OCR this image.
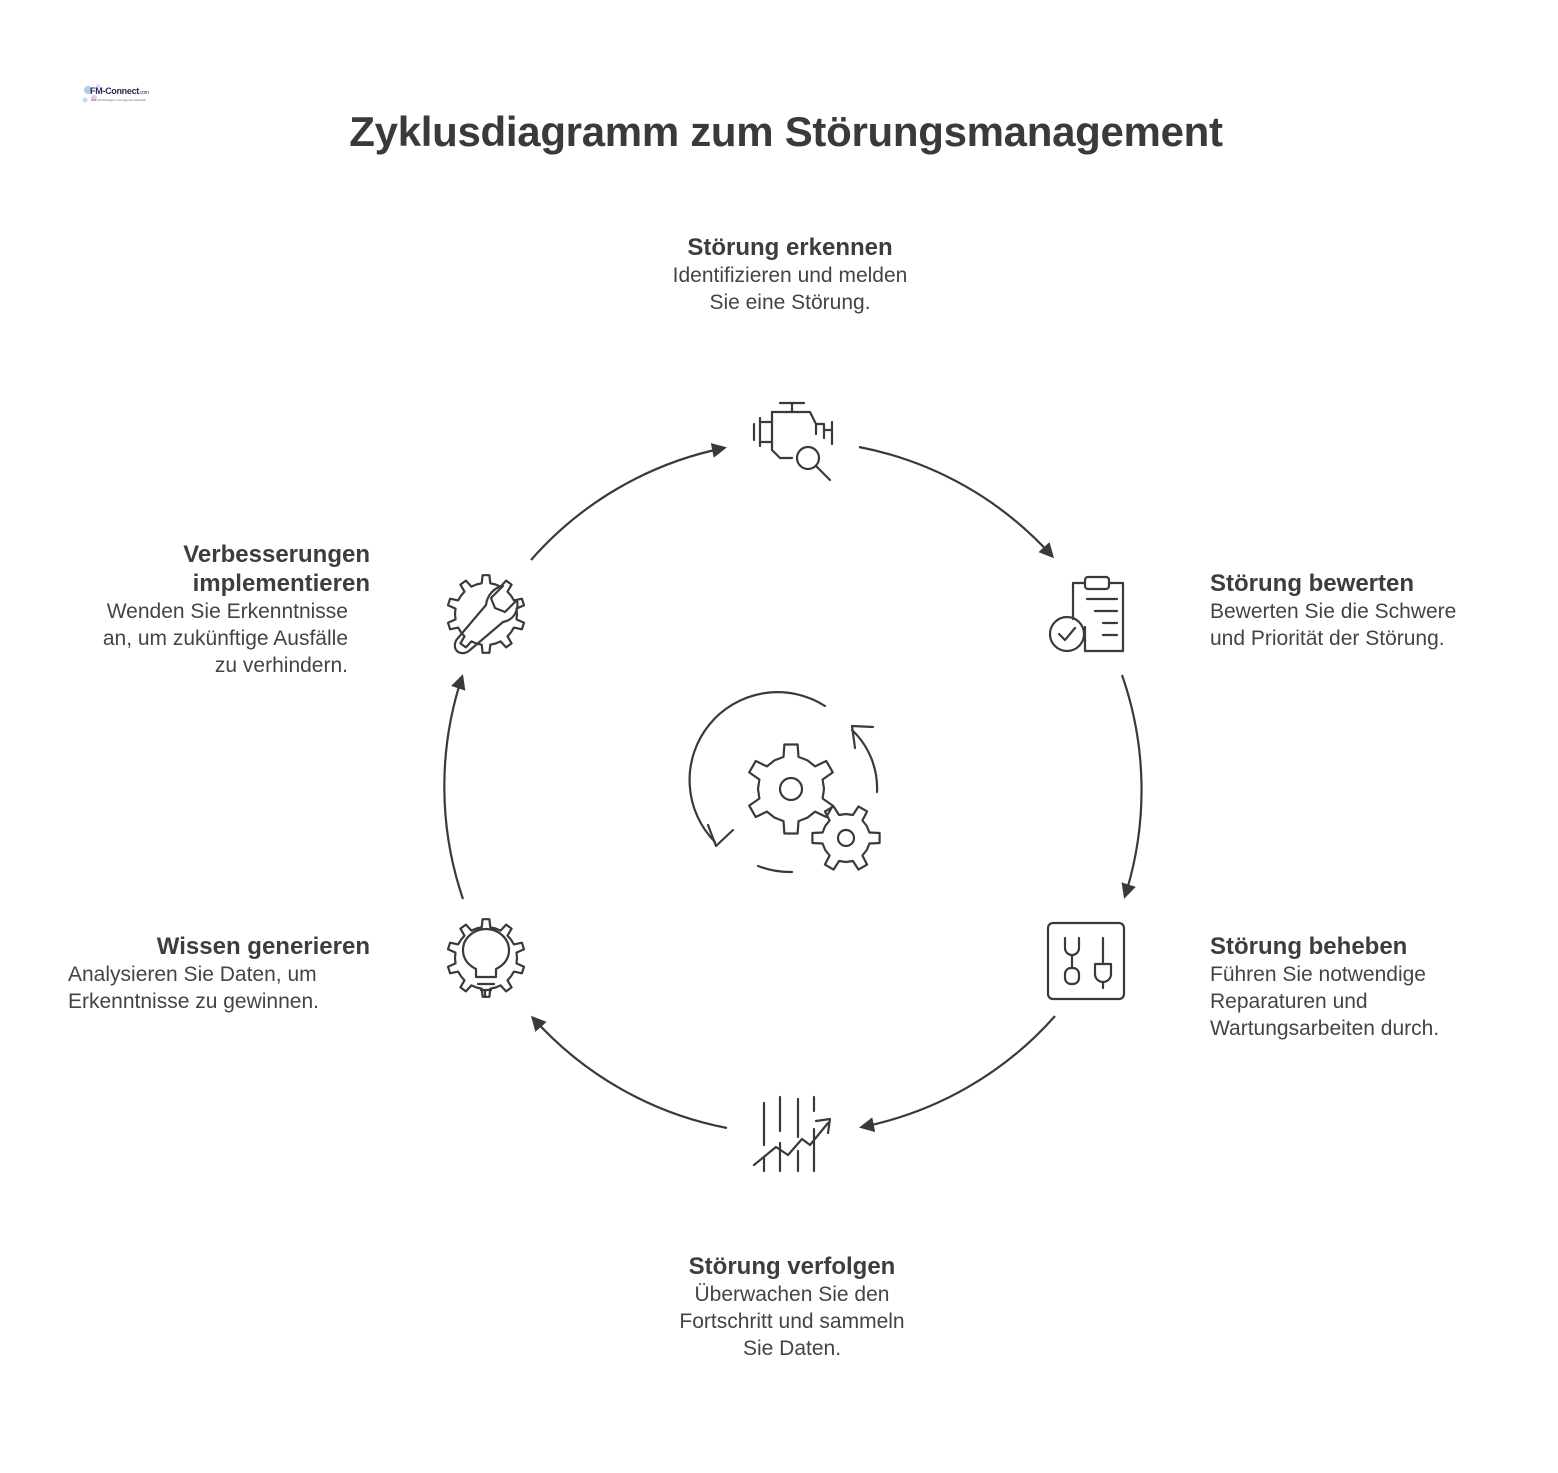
FM-Connect.com
Das FM-Strategie- und Agentur-Netzwerk
Zyklusdiagramm zum Störungsmanagement
Störung erkennen
Identifizieren und melden
Sie eine Störung.
Störung bewerten
Bewerten Sie die Schwere
und Priorität der Störung.
Störung beheben
Führen Sie notwendige
Reparaturen und
Wartungsarbeiten durch.
Störung verfolgen
Überwachen Sie den
Fortschritt und sammeln
Sie Daten.
Wissen generieren
Analysieren Sie Daten, um
Erkenntnisse zu gewinnen.
Verbesserungen
implementieren
Wenden Sie Erkenntnisse
an, um zukünftige Ausfälle
zu verhindern.
